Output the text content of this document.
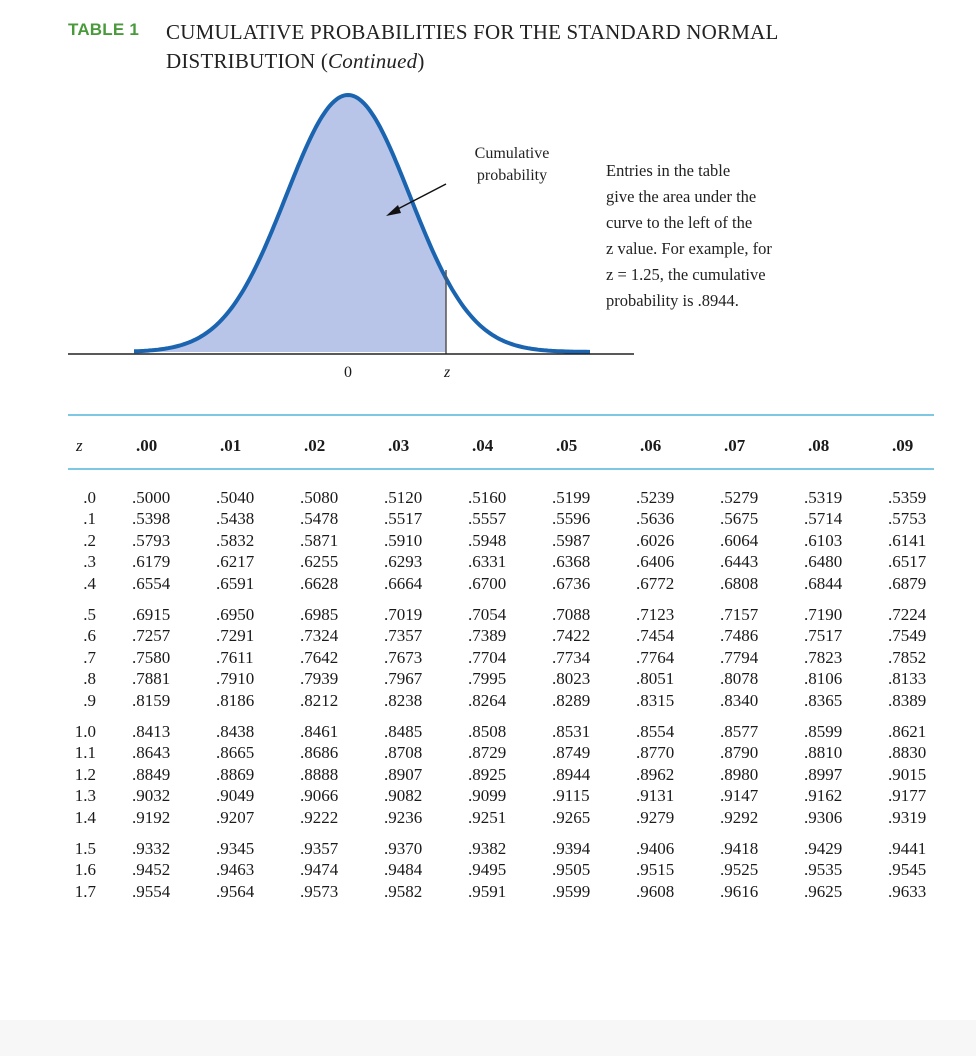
TABLE 1 CUMULATIVE PROBABILITIES FOR THE STANDARD NORMAL
DISTRIBUTION (Continued)
Cumulative
probability	Entries in the table
give the area under the
curve to the left of the
z value. For example, for
z = 1.25, the cumulative
probability is .8944.
0	z
z	.00	.01	.02	.03	.04	.05	.06	.07	.08	.09
.0 .5000	.5040	.5080	.5120	.5160	.5199	.5239	.5279	.5319	.5359
.1 .5398	.5438	.5478	.5517	.5557	.5596	.5636	.5675	.5714	.5753
.2 .5793	.5832	.5871	.5910	.5948	.5987	.6026	.6064	.6103	.6141
.3 .6179	.6217	.6255	.6293	.6331	.6368	.6406	.6443	.6480	.6517
.4 .6554	.6591	.6628	.6664	.6700	.6736	.6772	.6808	.6844	.6879
.5 .6915	.6950	.6985	.7019	.7054	.7088	.7123	.7157	.7190	.7224
.6 .7257	.7291	.7324	.7357	.7389	.7422	.7454	.7486	.7517	.7549
.7 .7580	.7611	.7642	.7673	.7704	.7734	.7764	.7794	.7823	.7852
.8 .7881	.7910	.7939	.7967	.7995	.8023	.8051	.8078	.8106	.8133
.9 .8159	.8186	.8212	.8238	.8264	.8289	.8315	.8340	.8365	.8389
1.0 .8413	.8438	.8461	.8485	.8508	.8531	.8554	.8577	.8599	.8621
1.1 .8643	.8665	.8686	.8708	.8729	.8749	.8770	.8790	.8810	.8830
1.2 .8849	.8869	.8888	.8907	.8925	.8944	.8962	.8980	.8997	.9015
1.3 .9032	.9049	.9066	.9082	.9099	.9115	.9131	.9147	.9162	.9177
1.4 .9192	.9207	.9222	.9236	.9251	.9265	.9279	.9292	.9306	.9319
1.5 .9332	.9345	.9357	.9370	.9382	.9394	.9406	.9418	.9429	.9441
1.6 .9452	.9463	.9474	.9484	.9495	.9505	.9515	.9525	.9535	.9545
1.7 .9554	.9564	.9573	.9582	.9591	.9599	.9608	.9616	.9625	.9633
